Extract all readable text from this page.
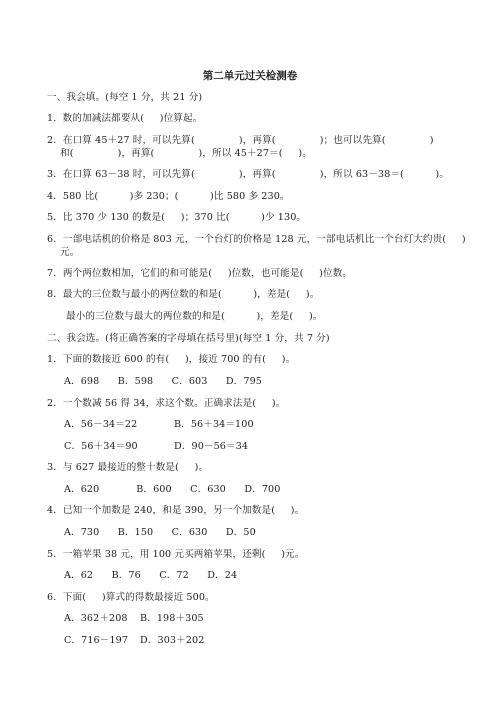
第二单元过关检测卷
一、我会填。(每空 1 分，共 21 分)
1.  数的加减法都要从(     )位算起。
2．在口算 45＋27 时，可以先算(              )，再算(              )；也可以先算(              )
和(              )，再算(              )，所以 45＋27＝(     )。
3．在口算 63－38 时，可以先算(              )，再算(              )，所以 63－38＝(          )。
4．580 比(          )多 230；(          )比 580 多 230。
5．比 370 少 130 的数是(     )；370 比(          )少 130。
6．一部电话机的价格是 803 元，一个台灯的价格是 128 元，一部电话机比一个台灯大约贵(     )
元。
7．两个两位数相加，它们的和可能是(     )位数，也可能是(     )位数。
8．最大的三位数与最小的两位数的和是(          )，差是(     )。
最小的三位数与最大的两位数的和是(          )，差是(     )。
二、我会选。(将正确答案的字母填在括号里)(每空 1 分，共 7 分)
1．下面的数接近 600 的有(     )，接近 700 的有(     )。
A．698   B．598   C．603   D．795
2．一个数减 56 得 34，求这个数。正确求法是(     )。
A．56－34＝22	B．56＋34＝100
C．56＋34＝90	D．90－56＝34
3．与 627 最接近的整十数是(     )。
A．620      B．600   C．630   D．700
4．已知一个加数是 240，和是 390，另一个加数是(     )。
A．730   B．150   C．630   D．50
5．一箱苹果 38 元，用 100 元买两箱苹果，还剩(     )元。
A．62   B．76   C．72   D．24
6．下面(     )算式的得数最接近 500。
A．362＋208 B．198＋305
C．716－197 D．303＋202
